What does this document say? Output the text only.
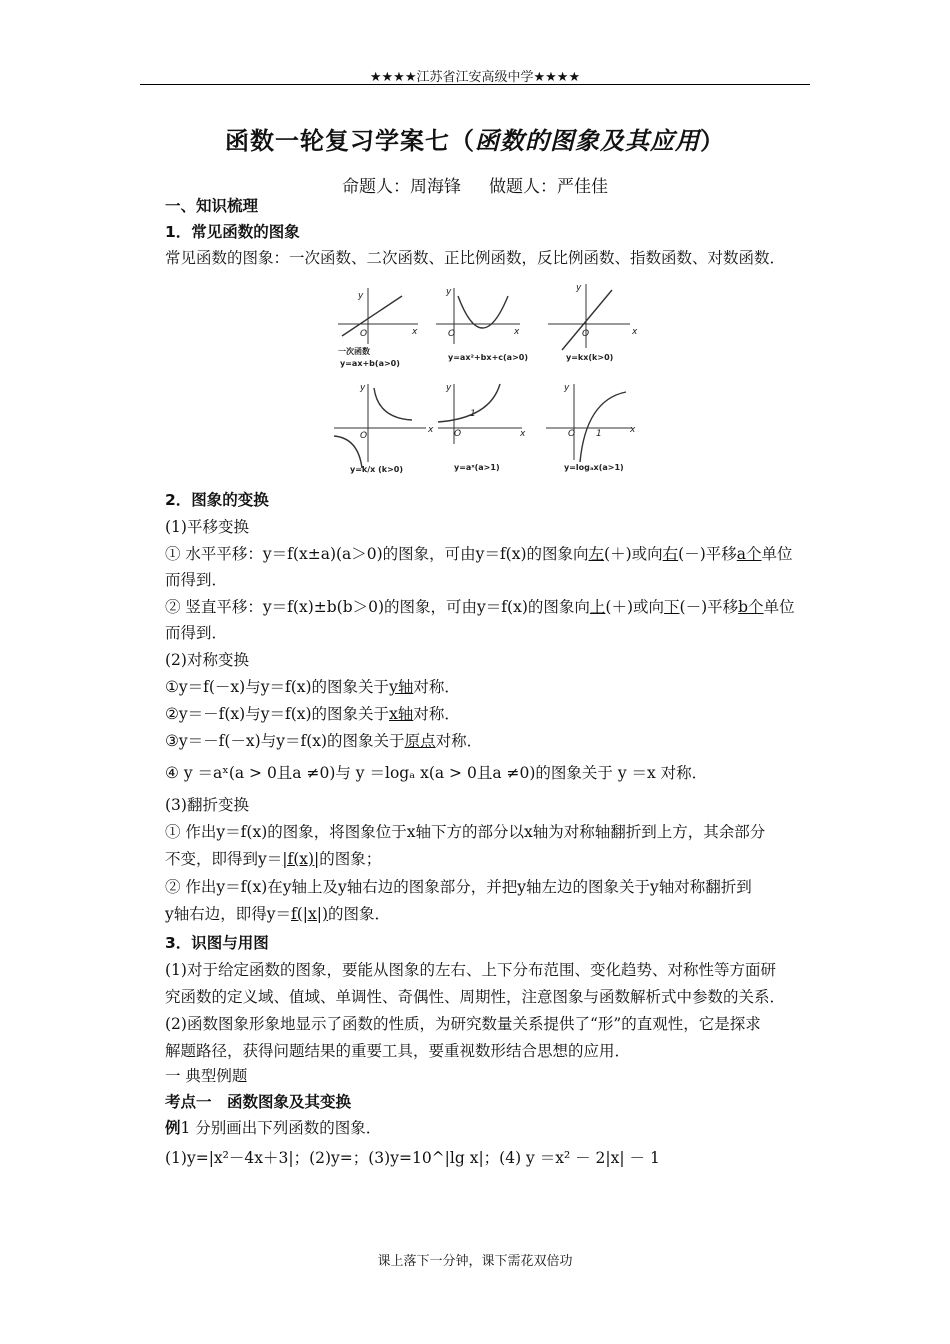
★★★★江苏省江安高级中学★★★★
函数一轮复习学案七（函数的图象及其应用）
命题人：周海锋 做题人：严佳佳
一、知识梳理
1．常见函数的图象
常见函数的图象：一次函数、二次函数、正比例函数，反比例函数、指数函数、对数函数．
y
x
O
y
x
O
y
x
O
y
x
O
y
x
O
1
y
x
O 1
一次函数
y=ax+b(a>0)
y=ax²+bx+c(a>0)	y=kx(k>0)
y=k/x (k>0)	y=aˣ(a>1)	y=logₐx(a>1)
2．图象的变换
(1)平移变换
① 水平平移：y＝f(x±a)(a＞0)的图象，可由y＝f(x)的图象向左(＋)或向右(－)平移a个单位
而得到．
② 竖直平移：y＝f(x)±b(b＞0)的图象，可由y＝f(x)的图象向上(＋)或向下(－)平移b个单位
而得到．
(2)对称变换
①y＝f(－x)与y＝f(x)的图象关于y轴对称．
②y＝－f(x)与y＝f(x)的图象关于x轴对称．
③y＝－f(－x)与y＝f(x)的图象关于原点对称．
④ y ＝aˣ(a > 0且a ≠0)与 y ＝logₐ x(a > 0且a ≠0)的图象关于 y ＝x 对称．
(3)翻折变换
① 作出y＝f(x)的图象，将图象位于x轴下方的部分以x轴为对称轴翻折到上方，其余部分
不变，即得到y＝|f(x)|的图象；
② 作出y＝f(x)在y轴上及y轴右边的图象部分，并把y轴左边的图象关于y轴对称翻折到
y轴右边，即得y＝f(|x|)的图象．
3．识图与用图
(1)对于给定函数的图象，要能从图象的左右、上下分布范围、变化趋势、对称性等方面研
究函数的定义域、值域、单调性、奇偶性、周期性，注意图象与函数解析式中参数的关系．
(2)函数图象形象地显示了函数的性质，为研究数量关系提供了“形”的直观性，它是探求
解题路径，获得问题结果的重要工具，要重视数形结合思想的应用．
一 典型例题
考点一　函数图象及其变换
例1 分别画出下列函数的图象．
(1)y=|x²－4x＋3|；(2)y=；(3)y=10^|lg x|；(4) y ＝x² － 2|x| － 1
课上落下一分钟，课下需花双倍功
